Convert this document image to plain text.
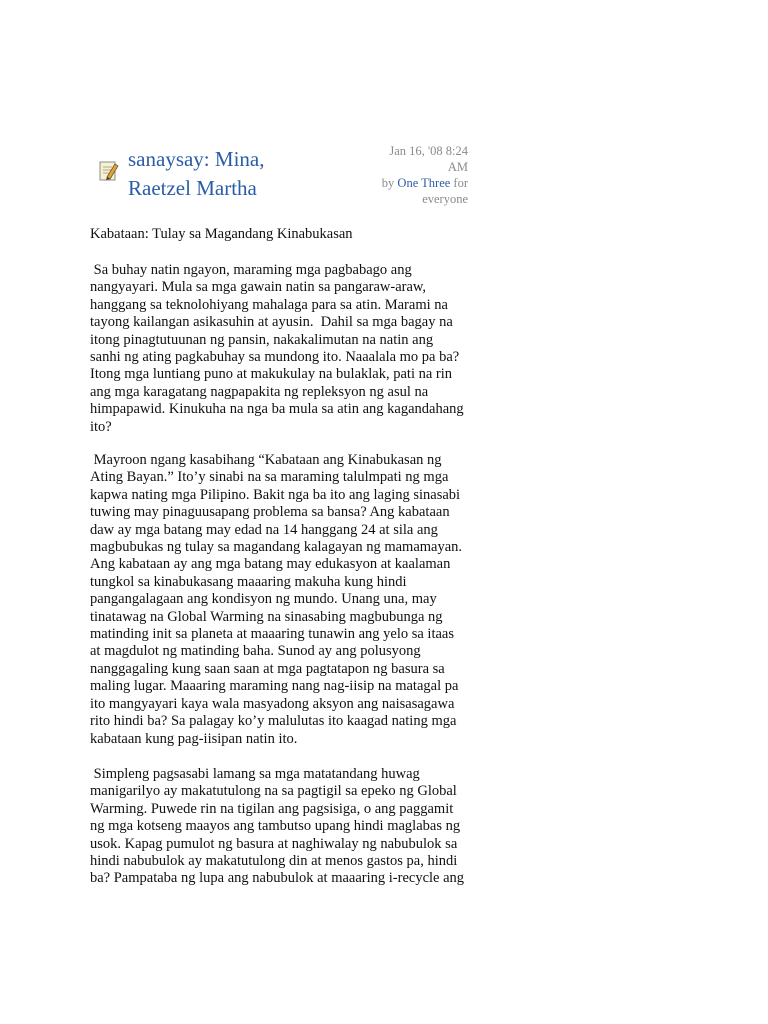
sanaysay: Mina,
Raetzel Martha
Jan 16, '08 8:24
AM
by One Three for
everyone
Kabataan: Tulay sa Magandang Kinabukasan
Sa buhay natin ngayon, maraming mga pagbabago ang
nangyayari. Mula sa mga gawain natin sa pangaraw-araw,
hanggang sa teknolohiyang mahalaga para sa atin. Marami na
tayong kailangan asikasuhin at ayusin.  Dahil sa mga bagay na
itong pinagtutuunan ng pansin, nakakalimutan na natin ang
sanhi ng ating pagkabuhay sa mundong ito. Naaalala mo pa ba?
Itong mga luntiang puno at makukulay na bulaklak, pati na rin
ang mga karagatang nagpapakita ng repleksyon ng asul na
himpapawid. Kinukuha na nga ba mula sa atin ang kagandahang
ito?
Mayroon ngang kasabihang “Kabataan ang Kinabukasan ng
Ating Bayan.” Ito’y sinabi na sa maraming talulmpati ng mga
kapwa nating mga Pilipino. Bakit nga ba ito ang laging sinasabi
tuwing may pinaguusapang problema sa bansa? Ang kabataan
daw ay mga batang may edad na 14 hanggang 24 at sila ang
magbubukas ng tulay sa magandang kalagayan ng mamamayan.
Ang kabataan ay ang mga batang may edukasyon at kaalaman
tungkol sa kinabukasang maaaring makuha kung hindi
pangangalagaan ang kondisyon ng mundo. Unang una, may
tinatawag na Global Warming na sinasabing magbubunga ng
matinding init sa planeta at maaaring tunawin ang yelo sa itaas
at magdulot ng matinding baha. Sunod ay ang polusyong
nanggagaling kung saan saan at mga pagtatapon ng basura sa
maling lugar. Maaaring maraming nang nag-iisip na matagal pa
ito mangyayari kaya wala masyadong aksyon ang naisasagawa
rito hindi ba? Sa palagay ko’y malulutas ito kaagad nating mga
kabataan kung pag-iisipan natin ito.
Simpleng pagsasabi lamang sa mga matatandang huwag
manigarilyo ay makatutulong na sa pagtigil sa epeko ng Global
Warming. Puwede rin na tigilan ang pagsisiga, o ang paggamit
ng mga kotseng maayos ang tambutso upang hindi maglabas ng
usok. Kapag pumulot ng basura at naghiwalay ng nabubulok sa
hindi nabubulok ay makatutulong din at menos gastos pa, hindi
ba? Pampataba ng lupa ang nabubulok at maaaring i-recycle ang
